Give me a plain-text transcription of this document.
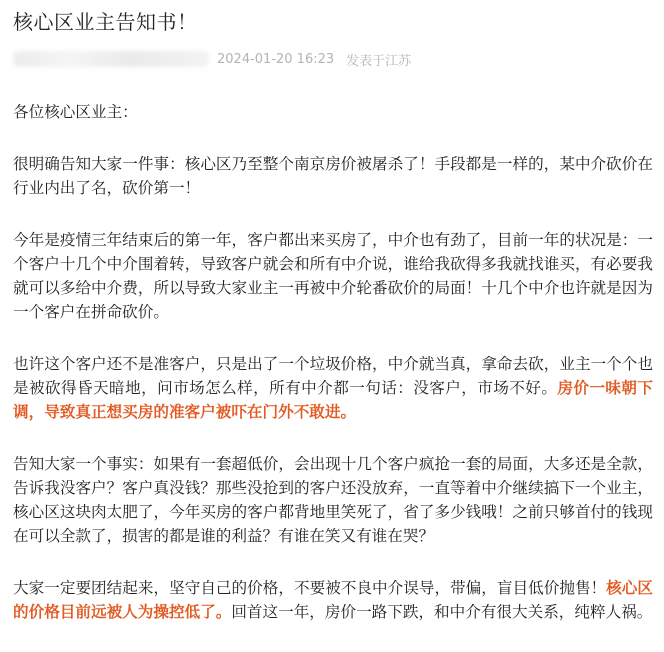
核心区业主告知书！
2024-01-20 16:23 发表于江苏

各位核心区业主：

很明确告知大家一件事：核心区乃至整个南京房价被屠杀了！手段都是一样的，某中介砍价在行业内出了名，砍价第一！

今年是疫情三年结束后的第一年，客户都出来买房了，中介也有劲了，目前一年的状况是：一个客户十几个中介围着转，导致客户就会和所有中介说，谁给我砍得多我就找谁买，有必要我就可以多给中介费，所以导致大家业主一再被中介轮番砍价的局面！十几个中介也许就是因为一个客户在拼命砍价。

也许这个客户还不是准客户，只是出了一个垃圾价格，中介就当真，拿命去砍，业主一个个也是被砍得昏天暗地，问市场怎么样，所有中介都一句话：没客户，市场不好。房价一味朝下调，导致真正想买房的准客户被吓在门外不敢进。

告知大家一个事实：如果有一套超低价，会出现十几个客户疯抢一套的局面，大多还是全款，告诉我没客户？客户真没钱？那些没抢到的客户还没放弃，一直等着中介继续搞下一个业主，核心区这块肉太肥了，今年买房的客户都背地里笑死了，省了多少钱哦！之前只够首付的钱现在可以全款了，损害的都是谁的利益？有谁在笑又有谁在哭？

大家一定要团结起来，坚守自己的价格，不要被不良中介误导，带偏，盲目低价抛售！核心区的价格目前远被人为操控低了。回首这一年，房价一路下跌，和中介有很大关系，纯粹人祸。
